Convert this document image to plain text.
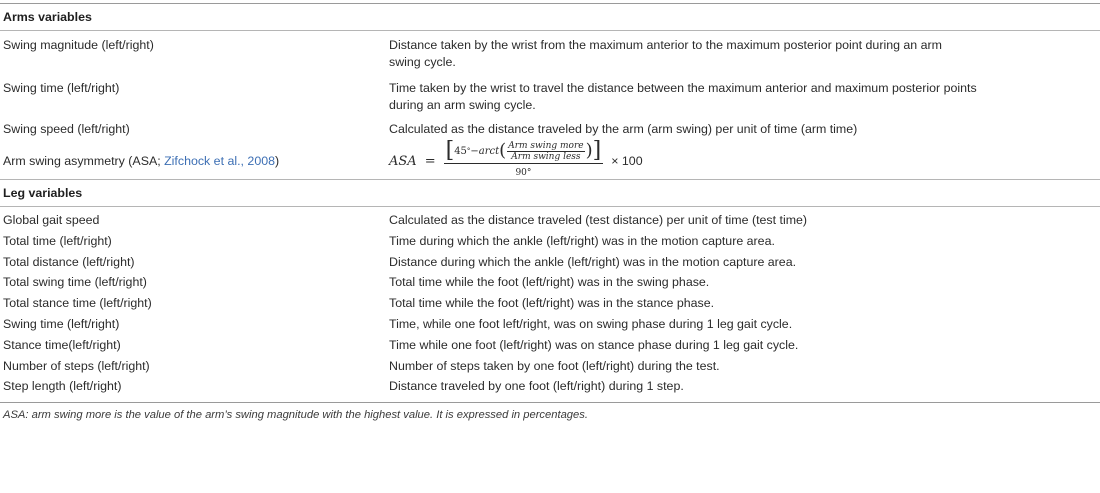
Arms variables
Swing magnitude (left/right)	Distance taken by the wrist from the maximum anterior to the maximum posterior point during an arm
swing cycle.
Swing time (left/right)	Time taken by the wrist to travel the distance between the maximum anterior and maximum posterior points
during an arm swing cycle.
Swing speed (left/right)	Calculated as the distance traveled by the arm (arm swing) per unit of time (arm time)
Arm swing asymmetry (ASA; Zifchock et al., 2008)	ASA = [ 45 ° −arct ( $\frac{\text{Arm swing more}}{\text{Arm swing less}}$ ) ]
90°
× 100
Leg variables
Global gait speed	Calculated as the distance traveled (test distance) per unit of time (test time)
Total time (left/right)	Time during which the ankle (left/right) was in the motion capture area.
Total distance (left/right)	Distance during which the ankle (left/right) was in the motion capture area.
Total swing time (left/right)	Total time while the foot (left/right) was in the swing phase.
Total stance time (left/right)	Total time while the foot (left/right) was in the stance phase.
Swing time (left/right)	Time, while one foot left/right, was on swing phase during 1 leg gait cycle.
Stance time(left/right)	Time while one foot (left/right) was on stance phase during 1 leg gait cycle.
Number of steps (left/right)	Number of steps taken by one foot (left/right) during the test.
Step length (left/right)	Distance traveled by one foot (left/right) during 1 step.
ASA: arm swing more is the value of the arm’s swing magnitude with the highest value. It is expressed in percentages.
